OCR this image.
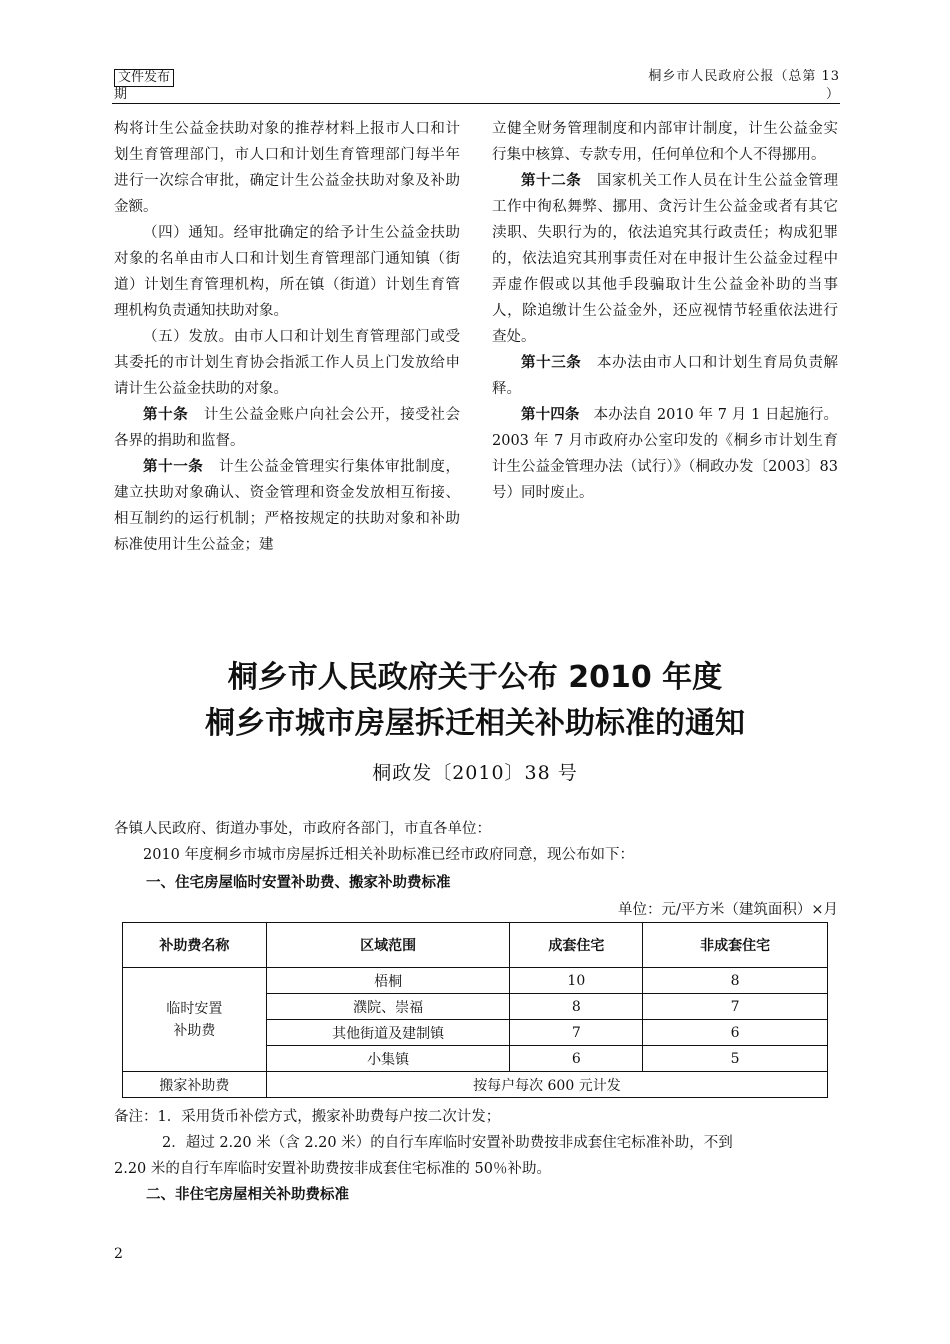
文件发布
期
桐乡市人民政府公报（总第 13
）

构将计生公益金扶助对象的推荐材料上报市人口和计划生育管理部门，市人口和计划生育管理部门每半年进行一次综合审批，确定计生公益金扶助对象及补助金额。

（四）通知。经审批确定的给予计生公益金扶助对象的名单由市人口和计划生育管理部门通知镇（街道）计划生育管理机构，所在镇（街道）计划生育管理机构负责通知扶助对象。

（五）发放。由市人口和计划生育管理部门或受其委托的市计划生育协会指派工作人员上门发放给申请计生公益金扶助的对象。

第十条 计生公益金账户向社会公开，接受社会各界的捐助和监督。

第十一条 计生公益金管理实行集体审批制度，建立扶助对象确认、资金管理和资金发放相互衔接、相互制约的运行机制；严格按规定的扶助对象和补助标准使用计生公益金；建

立健全财务管理制度和内部审计制度，计生公益金实行集中核算、专款专用，任何单位和个人不得挪用。

第十二条 国家机关工作人员在计生公益金管理工作中徇私舞弊、挪用、贪污计生公益金或者有其它渎职、失职行为的，依法追究其行政责任；构成犯罪的，依法追究其刑事责任对在申报计生公益金过程中弄虚作假或以其他手段骗取计生公益金补助的当事人，除追缴计生公益金外，还应视情节轻重依法进行查处。

第十三条 本办法由市人口和计划生育局负责解释。

第十四条 本办法自 2010 年 7 月 1 日起施行。2003 年 7 月市政府办公室印发的《桐乡市计划生育计生公益金管理办法（试行）》（桐政办发〔2003〕83 号）同时废止。

桐乡市人民政府关于公布 2010 年度
桐乡市城市房屋拆迁相关补助标准的通知
桐政发〔2010〕38 号
各镇人民政府、街道办事处，市政府各部门，市直各单位：
2010 年度桐乡市城市房屋拆迁相关补助标准已经市政府同意，现公布如下：
一、住宅房屋临时安置补助费、搬家补助费标准
单位：元/平方米（建筑面积）×月
补助费名称	区域范围	成套住宅	非成套住宅

临时安置
补助费	梧桐	10	8
	濮院、崇福	8	7
	其他街道及建制镇	7	6
	小集镇	6	5
搬家补助费	按每户每次 600 元计发		
备注：1．采用货币补偿方式，搬家补助费每户按二次计发；
2．超过 2.20 米（含 2.20 米）的自行车库临时安置补助费按非成套住宅标准补助，不到
2.20 米的自行车库临时安置补助费按非成套住宅标准的 50％补助。
二、非住宅房屋相关补助费标准
2
